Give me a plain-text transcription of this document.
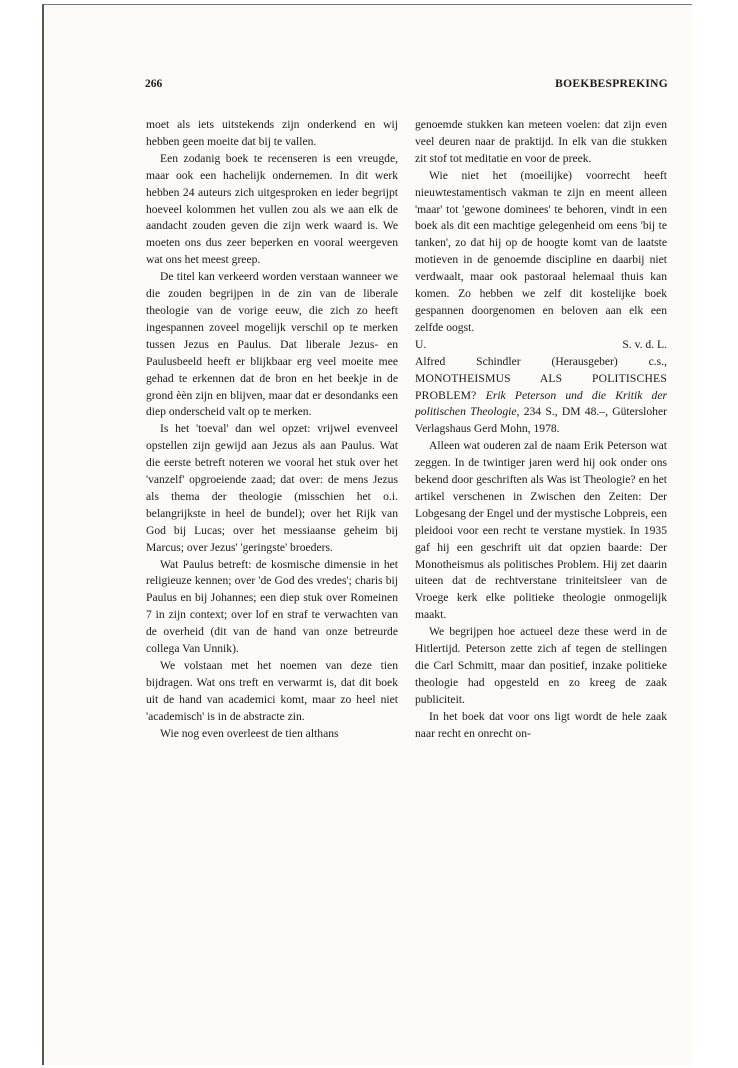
266	BOEKBESPREKING

moet als iets uitstekends zijn onderkend en wij hebben geen moeite dat bij te vallen.

Een zodanig boek te recenseren is een vreugde, maar ook een hachelijk ondernemen. In dit werk hebben 24 auteurs zich uitgesproken en ieder begrijpt hoeveel kolommen het vullen zou als we aan elk de aandacht zouden geven die zijn werk waard is. We moeten ons dus zeer beperken en vooral weergeven wat ons het meest greep.

De titel kan verkeerd worden verstaan wanneer we die zouden begrijpen in de zin van de liberale theologie van de vorige eeuw, die zich zo heeft ingespannen zoveel mogelijk verschil op te merken tussen Jezus en Paulus. Dat liberale Jezus- en Paulusbeeld heeft er blijkbaar erg veel moeite mee gehad te erkennen dat de bron en het beekje in de grond èèn zijn en blijven, maar dat er desondanks een diep onderscheid valt op te merken.

Is het 'toeval' dan wel opzet: vrijwel evenveel opstellen zijn gewijd aan Jezus als aan Paulus. Wat die eerste betreft noteren we vooral het stuk over het 'vanzelf' opgroeiende zaad; dat over: de mens Jezus als thema der theologie (misschien het o.i. belangrijkste in heel de bundel); over het Rijk van God bij Lucas; over het messiaanse geheim bij Marcus; over Jezus' 'geringste' broeders.

Wat Paulus betreft: de kosmische dimensie in het religieuze kennen; over 'de God des vredes'; charis bij Paulus en bij Johannes; een diep stuk over Romeinen 7 in zijn context; over lof en straf te verwachten van de overheid (dit van de hand van onze betreurde collega Van Unnik).

We volstaan met het noemen van deze tien bijdragen. Wat ons treft en verwarmt is, dat dit boek uit de hand van academici komt, maar zo heel niet 'academisch' is in de abstracte zin.

Wie nog even overleest de tien althans

genoemde stukken kan meteen voelen: dat zijn even veel deuren naar de praktijd. In elk van die stukken zit stof tot meditatie en voor de preek.

Wie niet het (moeilijke) voorrecht heeft nieuwtestamentisch vakman te zijn en meent alleen 'maar' tot 'gewone dominees' te behoren, vindt in een boek als dit een machtige gelegenheid om eens 'bij te tanken', zo dat hij op de hoogte komt van de laatste motieven in de genoemde discipline en daarbij niet verdwaalt, maar ook pastoraal helemaal thuis kan komen. Zo hebben we zelf dit kostelijke boek gespannen doorgenomen en beloven aan elk een zelfde oogst.

U.	S. v. d. L.

Alfred Schindler (Herausgeber) c.s., MONOTHEISMUS ALS POLITISCHES PROBLEM? Erik Peterson und die Kritik der politischen Theologie, 234 S., DM 48.–, Gütersloher Verlagshaus Gerd Mohn, 1978.

Alleen wat ouderen zal de naam Erik Peterson wat zeggen. In de twintiger jaren werd hij ook onder ons bekend door geschriften als Was ist Theologie? en het artikel verschenen in Zwischen den Zeiten: Der Lobgesang der Engel und der mystische Lobpreis, een pleidooi voor een recht te verstane mystiek. In 1935 gaf hij een geschrift uit dat opzien baarde: Der Monotheismus als politisches Problem. Hij zet daarin uiteen dat de rechtverstane triniteitsleer van de Vroege kerk elke politieke theologie onmogelijk maakt.

We begrijpen hoe actueel deze these werd in de Hitlertijd. Peterson zette zich af tegen de stellingen die Carl Schmitt, maar dan positief, inzake politieke theologie had opgesteld en zo kreeg de zaak publiciteit.

In het boek dat voor ons ligt wordt de hele zaak naar recht en onrecht on-
